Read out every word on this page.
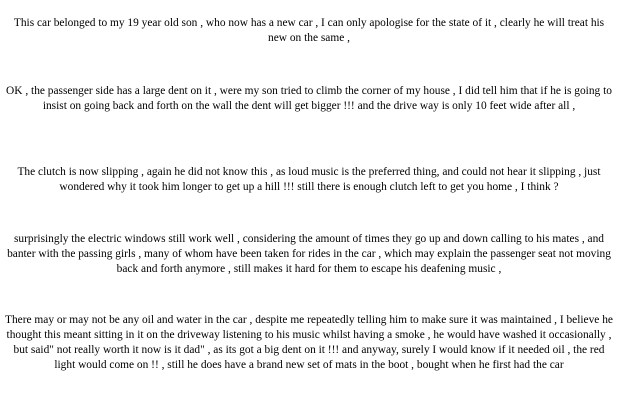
This car belonged to my 19 year old son , who now has a new car , I can only apologise for the state of it , clearly he will treat his new on the same ,

OK , the passenger side has a large dent on it , were my son tried to climb the corner of my house , I did tell him that if he is going to insist on going back and forth on the wall the dent will get bigger !!! and the drive way is only 10 feet wide after all ,

The clutch is now slipping , again he did not know this , as loud music is the preferred thing, and could not hear it slipping , just wondered why it took him longer to get up a hill !!! still there is enough clutch left to get you home , I think ?

surprisingly the electric windows still work well , considering the amount of times they go up and down calling to his mates , and banter with the passing girls , many of whom have been taken for rides in the car , which may explain the passenger seat not moving back and forth anymore , still makes it hard for them to escape his deafening music ,

There may or may not be any oil and water in the car , despite me repeatedly telling him to make sure it was maintained , I believe he thought this meant sitting in it on the driveway listening to his music whilst having a smoke , he would have washed it occasionally , but said" not really worth it now is it dad" , as its got a big dent on it !!! and anyway, surely I would know if it needed oil , the red light would come on !! , still he does have a brand new set of mats in the boot , bought when he first had the car
